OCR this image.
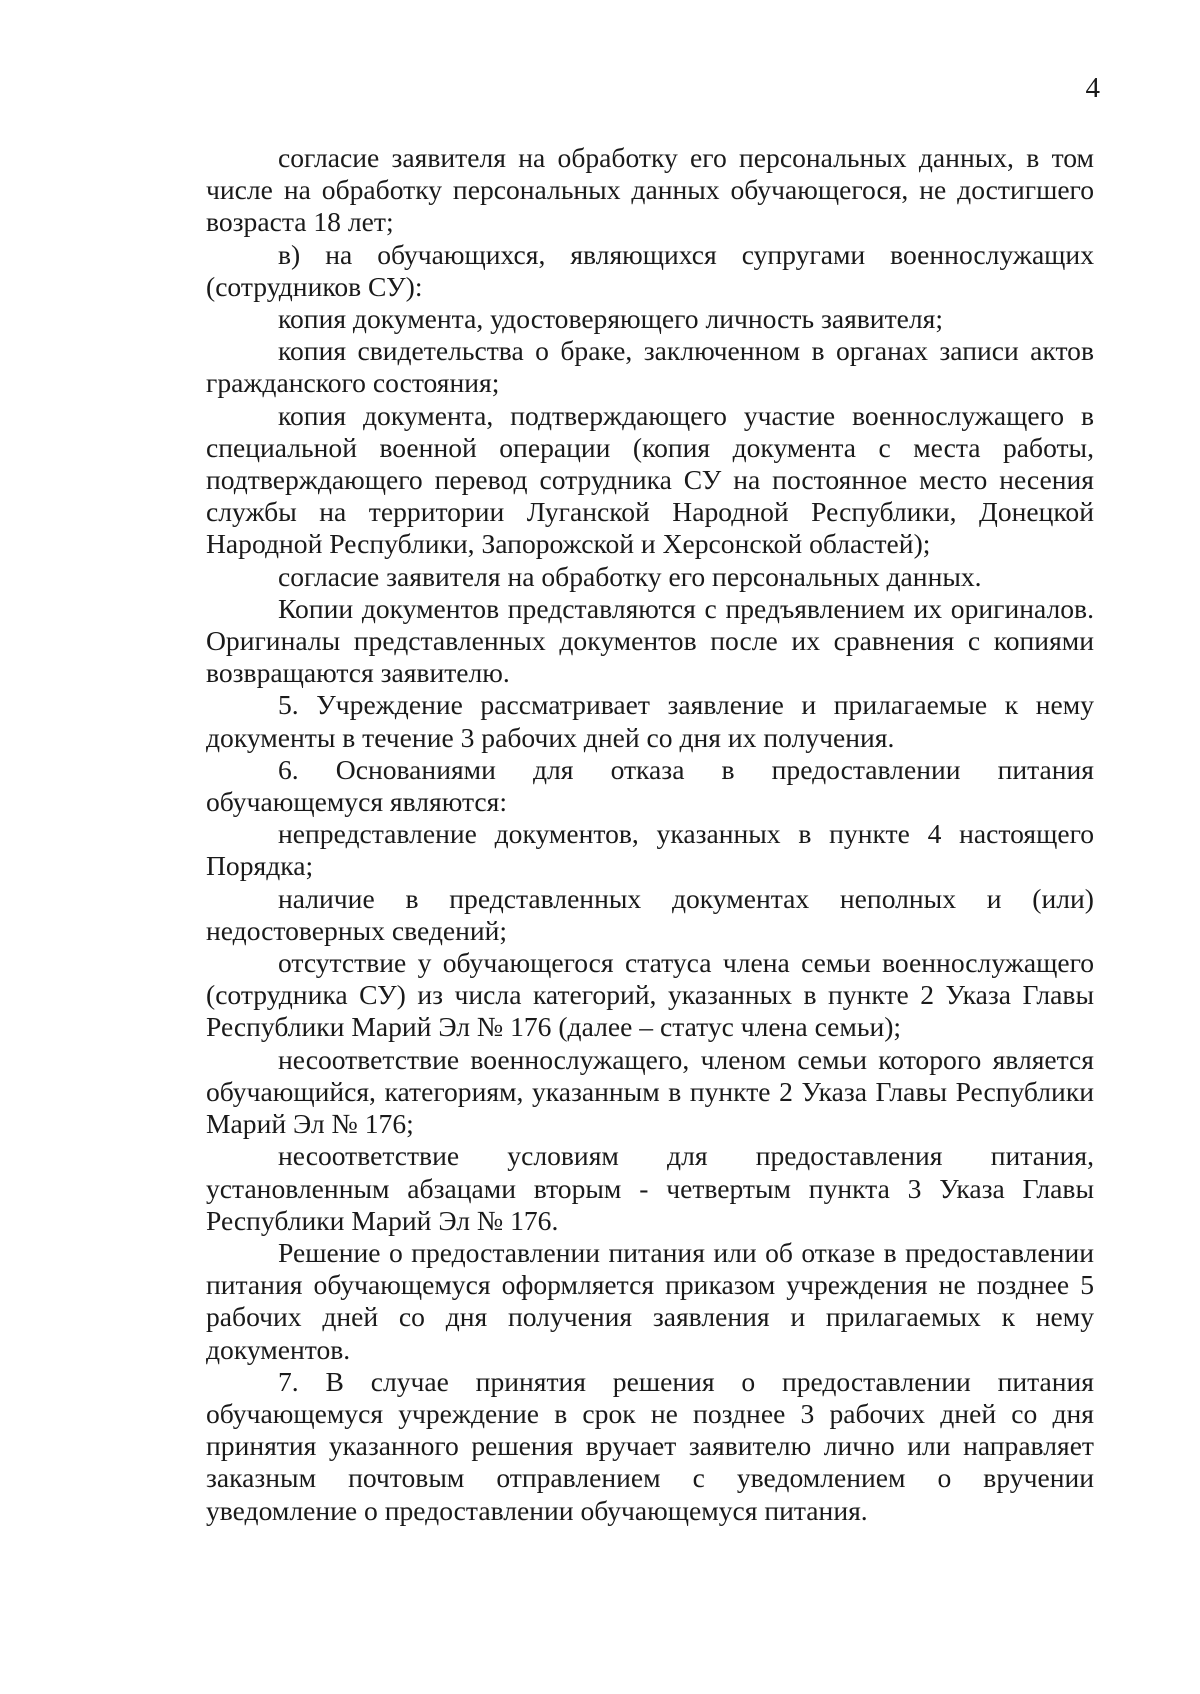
4

согласие заявителя на обработку его персональных данных, в том числе на обработку персональных данных обучающегося, не достигшего возраста 18 лет;

в) на обучающихся, являющихся супругами военнослужащих (сотрудников СУ):

копия документа, удостоверяющего личность заявителя;

копия свидетельства о браке, заключенном в органах записи актов гражданского состояния;

копия документа, подтверждающего участие военнослужащего в специальной военной операции (копия документа с места работы, подтверждающего перевод сотрудника СУ на постоянное место несения службы на территории Луганской Народной Республики, Донецкой Народной Республики, Запорожской и Херсонской областей);

согласие заявителя на обработку его персональных данных.

Копии документов представляются с предъявлением их оригиналов. Оригиналы представленных документов после их сравнения с копиями возвращаются заявителю.

5. Учреждение рассматривает заявление и прилагаемые к нему документы в течение 3 рабочих дней со дня их получения.

6. Основаниями для отказа в предоставлении питания обучающемуся являются:

непредставление документов, указанных в пункте 4 настоящего Порядка;

наличие в представленных документах неполных и (или) недостоверных сведений;

отсутствие у обучающегося статуса члена семьи военнослужащего (сотрудника СУ) из числа категорий, указанных в пункте 2 Указа Главы Республики Марий Эл № 176 (далее – статус члена семьи);

несоответствие военнослужащего, членом семьи которого является обучающийся, категориям, указанным в пункте 2 Указа Главы Республики Марий Эл № 176;

несоответствие условиям для предоставления питания, установленным абзацами вторым - четвертым пункта 3 Указа Главы Республики Марий Эл № 176.

Решение о предоставлении питания или об отказе в предоставлении питания обучающемуся оформляется приказом учреждения не позднее 5 рабочих дней со дня получения заявления и прилагаемых к нему документов.

7. В случае принятия решения о предоставлении питания обучающемуся учреждение в срок не позднее 3 рабочих дней со дня принятия указанного решения вручает заявителю лично или направляет заказным почтовым отправлением с уведомлением о вручении уведомление о предоставлении обучающемуся питания.
